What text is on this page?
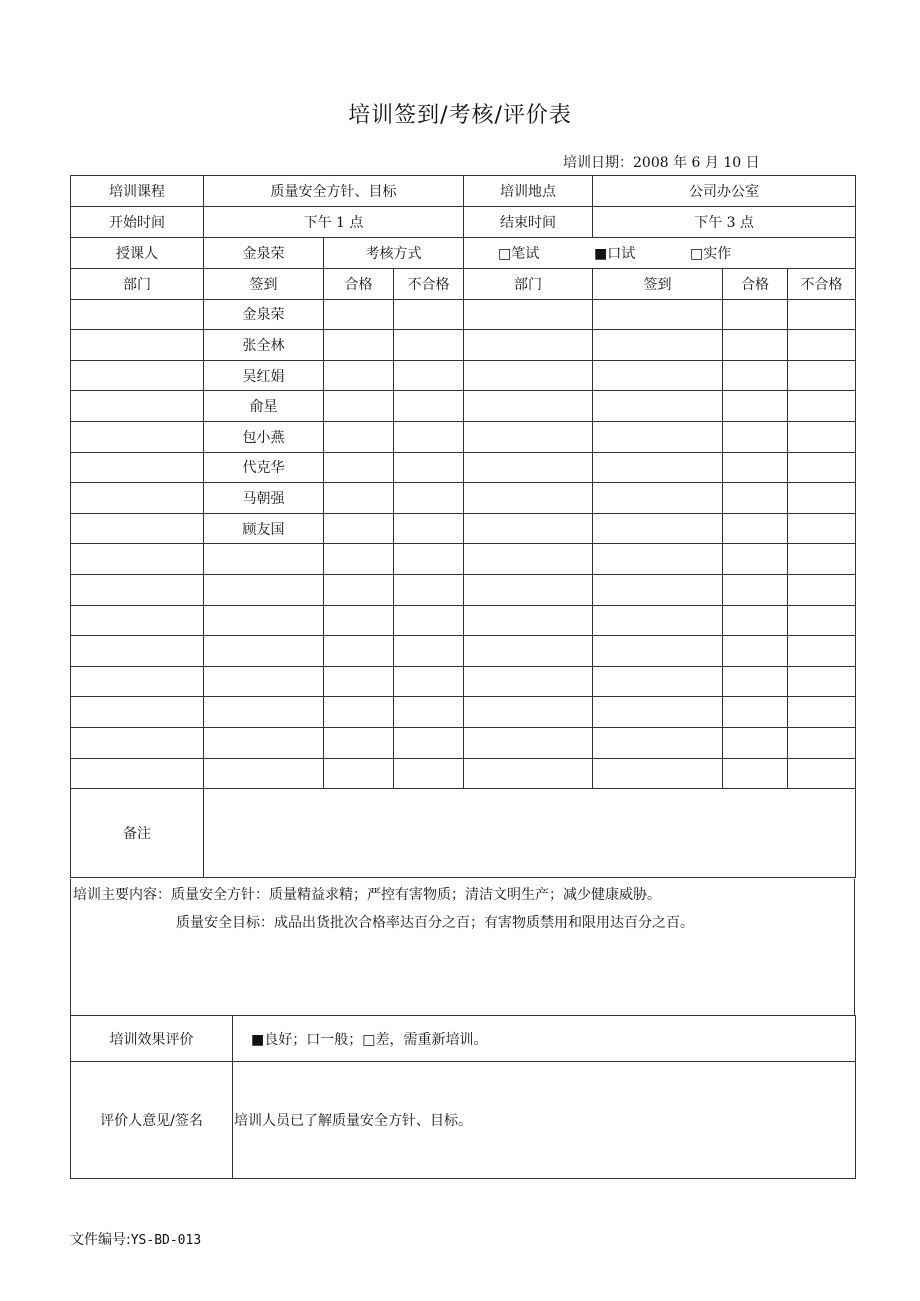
培训签到/考核/评价表
培训日期：2008 年 6 月 10 日
培训课程	质量安全方针、目标			培训地点	公司办公室		
开始时间	下午 1 点			结束时间	下午 3 点		
授课人	金泉荣	考核方式		□笔试 ■口试 □实作			
部门	签到	合格	不合格	部门	签到	合格	不合格
	金泉荣						
	张全林						
	吴红娟						
	俞星						
	包小燕						
	代克华						
	马朝强						
	顾友国						

备注							
培训主要内容：质量安全方针：质量精益求精；严控有害物质；清洁文明生产；减少健康威胁。
质量安全目标：成品出货批次合格率达百分之百；有害物质禁用和限用达百分之百。
培训效果评价	■良好；口一般；□差，需重新培训。
评价人意见/签名	培训人员已了解质量安全方针、目标。
文件编号:YS-BD-013
